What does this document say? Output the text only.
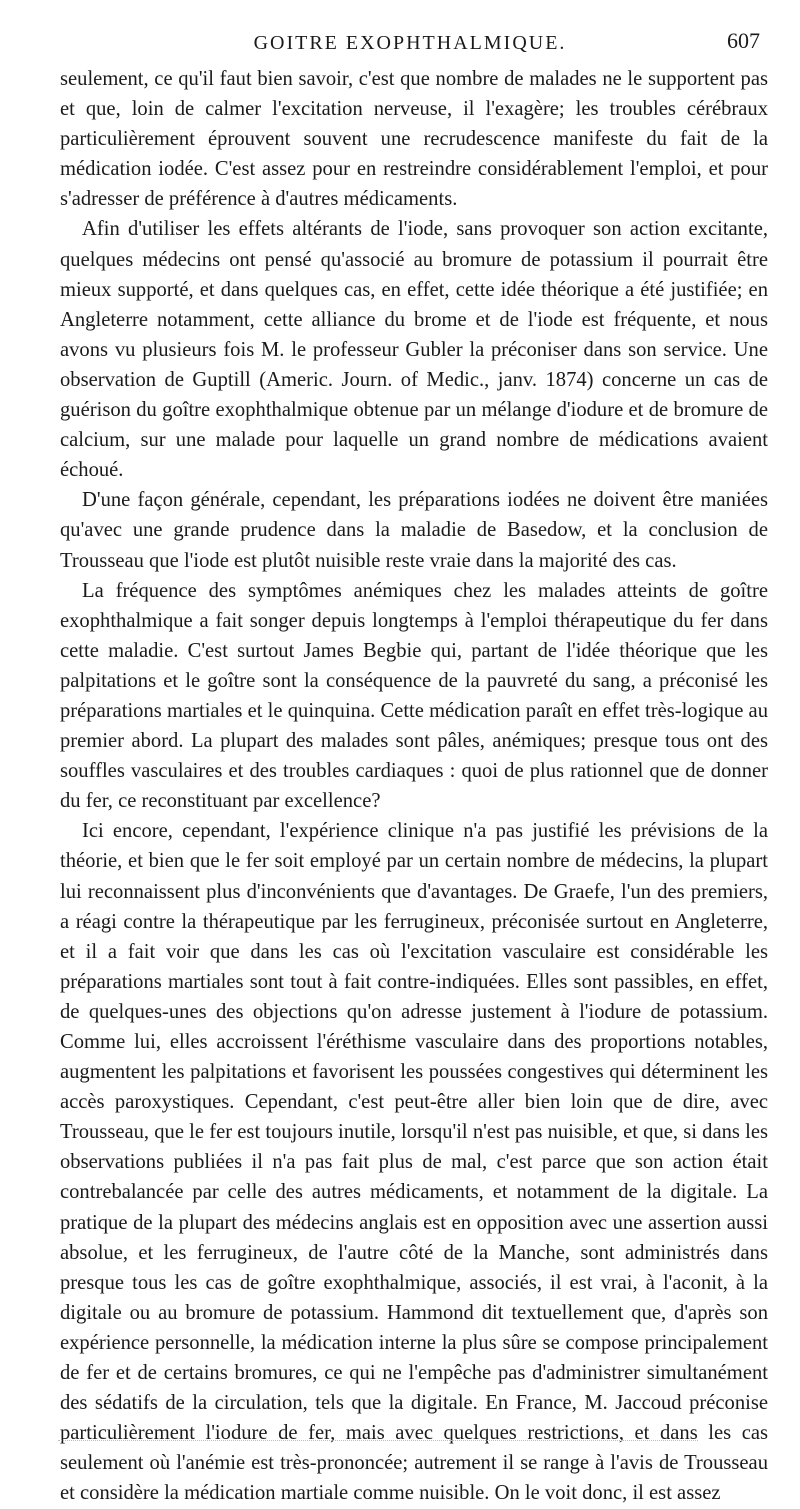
GOITRE EXOPHTHALMIQUE.	607

seulement, ce qu'il faut bien savoir, c'est que nombre de malades ne le supportent pas et que, loin de calmer l'excitation nerveuse, il l'exagère; les troubles cérébraux particulièrement éprouvent souvent une recrudescence manifeste du fait de la médication iodée. C'est assez pour en restreindre considérablement l'emploi, et pour s'adresser de préférence à d'autres médicaments.

Afin d'utiliser les effets altérants de l'iode, sans provoquer son action excitante, quelques médecins ont pensé qu'associé au bromure de potassium il pourrait être mieux supporté, et dans quelques cas, en effet, cette idée théorique a été justifiée; en Angleterre notamment, cette alliance du brome et de l'iode est fréquente, et nous avons vu plusieurs fois M. le professeur Gubler la préconiser dans son service. Une observation de Guptill (Americ. Journ. of Medic., janv. 1874) concerne un cas de guérison du goître exophthalmique obtenue par un mélange d'iodure et de bromure de calcium, sur une malade pour laquelle un grand nombre de médications avaient échoué.

D'une façon générale, cependant, les préparations iodées ne doivent être maniées qu'avec une grande prudence dans la maladie de Basedow, et la conclusion de Trousseau que l'iode est plutôt nuisible reste vraie dans la majorité des cas.

La fréquence des symptômes anémiques chez les malades atteints de goître exophthalmique a fait songer depuis longtemps à l'emploi thérapeutique du fer dans cette maladie. C'est surtout James Begbie qui, partant de l'idée théorique que les palpitations et le goître sont la conséquence de la pauvreté du sang, a préconisé les préparations martiales et le quinquina. Cette médication paraît en effet très-logique au premier abord. La plupart des malades sont pâles, anémiques; presque tous ont des souffles vasculaires et des troubles cardiaques : quoi de plus rationnel que de donner du fer, ce reconstituant par excellence?

Ici encore, cependant, l'expérience clinique n'a pas justifié les prévisions de la théorie, et bien que le fer soit employé par un certain nombre de médecins, la plupart lui reconnaissent plus d'inconvénients que d'avantages. De Graefe, l'un des premiers, a réagi contre la thérapeutique par les ferrugineux, préconisée surtout en Angleterre, et il a fait voir que dans les cas où l'excitation vasculaire est considérable les préparations martiales sont tout à fait contre-indiquées. Elles sont passibles, en effet, de quelques-unes des objections qu'on adresse justement à l'iodure de potassium. Comme lui, elles accroissent l'éréthisme vasculaire dans des proportions notables, augmentent les palpitations et favorisent les poussées congestives qui déterminent les accès paroxystiques. Cependant, c'est peut-être aller bien loin que de dire, avec Trousseau, que le fer est toujours inutile, lorsqu'il n'est pas nuisible, et que, si dans les observations publiées il n'a pas fait plus de mal, c'est parce que son action était contrebalancée par celle des autres médicaments, et notamment de la digitale. La pratique de la plupart des médecins anglais est en opposition avec une assertion aussi absolue, et les ferrugineux, de l'autre côté de la Manche, sont administrés dans presque tous les cas de goître exophthalmique, associés, il est vrai, à l'aconit, à la digitale ou au bromure de potassium. Hammond dit textuellement que, d'après son expérience personnelle, la médication interne la plus sûre se compose principalement de fer et de certains bromures, ce qui ne l'empêche pas d'administrer simultanément des sédatifs de la circulation, tels que la digitale. En France, M. Jaccoud préconise particulièrement l'iodure de fer, mais avec quelques restrictions, et dans les cas seulement où l'anémie est très-prononcée; autrement il se range à l'avis de Trousseau et considère la médication martiale comme nuisible. On le voit donc, il est assez
